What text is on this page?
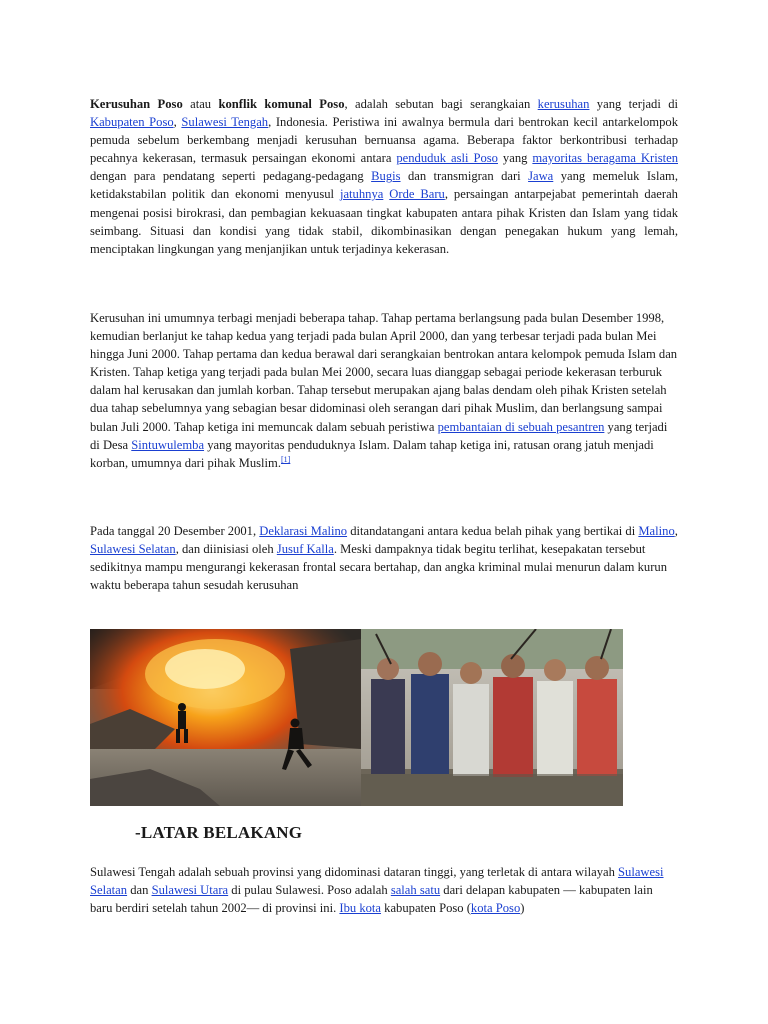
Kerusuhan Poso atau konflik komunal Poso, adalah sebutan bagi serangkaian kerusuhan yang terjadi di Kabupaten Poso, Sulawesi Tengah, Indonesia. Peristiwa ini awalnya bermula dari bentrokan kecil antarkelompok pemuda sebelum berkembang menjadi kerusuhan bernuansa agama. Beberapa faktor berkontribusi terhadap pecahnya kekerasan, termasuk persaingan ekonomi antara penduduk asli Poso yang mayoritas beragama Kristen dengan para pendatang seperti pedagang-pedagang Bugis dan transmigran dari Jawa yang memeluk Islam, ketidakstabilan politik dan ekonomi menyusul jatuhnya Orde Baru, persaingan antarpejabat pemerintah daerah mengenai posisi birokrasi, dan pembagian kekuasaan tingkat kabupaten antara pihak Kristen dan Islam yang tidak seimbang. Situasi dan kondisi yang tidak stabil, dikombinasikan dengan penegakan hukum yang lemah, menciptakan lingkungan yang menjanjikan untuk terjadinya kekerasan.

Kerusuhan ini umumnya terbagi menjadi beberapa tahap. Tahap pertama berlangsung pada bulan Desember 1998, kemudian berlanjut ke tahap kedua yang terjadi pada bulan April 2000, dan yang terbesar terjadi pada bulan Mei hingga Juni 2000. Tahap pertama dan kedua berawal dari serangkaian bentrokan antara kelompok pemuda Islam dan Kristen. Tahap ketiga yang terjadi pada bulan Mei 2000, secara luas dianggap sebagai periode kekerasan terburuk dalam hal kerusakan dan jumlah korban. Tahap tersebut merupakan ajang balas dendam oleh pihak Kristen setelah dua tahap sebelumnya yang sebagian besar didominasi oleh serangan dari pihak Muslim, dan berlangsung sampai bulan Juli 2000. Tahap ketiga ini memuncak dalam sebuah peristiwa pembantaian di sebuah pesantren yang terjadi di Desa Sintuwulemba yang mayoritas penduduknya Islam. Dalam tahap ketiga ini, ratusan orang jatuh menjadi korban, umumnya dari pihak Muslim.[1]

Pada tanggal 20 Desember 2001, Deklarasi Malino ditandatangani antara kedua belah pihak yang bertikai di Malino, Sulawesi Selatan, dan diinisiasi oleh Jusuf Kalla. Meski dampaknya tidak begitu terlihat, kesepakatan tersebut sedikitnya mampu mengurangi kekerasan frontal secara bertahap, dan angka kriminal mulai menurun dalam kurun waktu beberapa tahun sesudah kerusuhan

-LATAR BELAKANG

Sulawesi Tengah adalah sebuah provinsi yang didominasi dataran tinggi, yang terletak di antara wilayah Sulawesi Selatan dan Sulawesi Utara di pulau Sulawesi. Poso adalah salah satu dari delapan kabupaten — kabupaten lain baru berdiri setelah tahun 2002— di provinsi ini. Ibu kota kabupaten Poso (kota Poso)
